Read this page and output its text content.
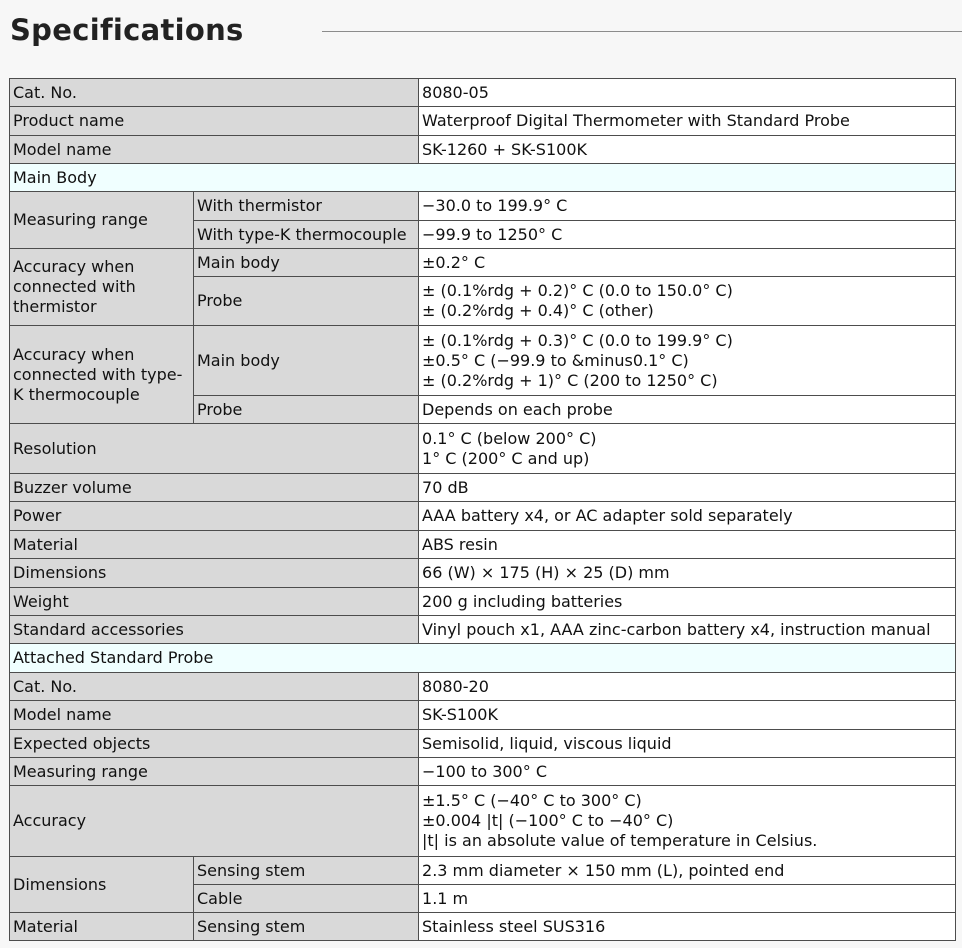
Specifications
Cat. No.		8080-05
Product name		Waterproof Digital Thermometer with Standard Probe
Model name		SK-1260 + SK-S100K
Main Body		
Measuring range	With thermistor	−30.0 to 199.9° C
	With type-K thermocouple	−99.9 to 1250° C
Accuracy when connected with thermistor	Main body	±0.2° C
	Probe	± (0.1%rdg + 0.2)° C (0.0 to 150.0° C)
± (0.2%rdg + 0.4)° C (other)

Accuracy when connected with type-K thermocouple	Main body	± (0.1%rdg + 0.3)° C (0.0 to 199.9° C)
±0.5° C (−99.9 to &minus0.1° C)
± (0.2%rdg + 1)° C (200 to 1250° C)

	Probe	Depends on each probe
Resolution		0.1° C (below 200° C)
1° C (200° C and up)

Buzzer volume		70 dB
Power		AAA battery x4, or AC adapter sold separately
Material		ABS resin
Dimensions		66 (W) × 175 (H) × 25 (D) mm
Weight		200 g including batteries
Standard accessories		Vinyl pouch x1, AAA zinc-carbon battery x4, instruction manual
Attached Standard Probe		
Cat. No.		8080-20
Model name		SK-S100K
Expected objects		Semisolid, liquid, viscous liquid
Measuring range		−100 to 300° C
Accuracy		±1.5° C (−40° C to 300° C)
±0.004 |t| (−100° C to −40° C)
|t| is an absolute value of temperature in Celsius.

Dimensions	Sensing stem	2.3 mm diameter × 150 mm (L), pointed end
	Cable	1.1 m
Material	Sensing stem	Stainless steel SUS316
